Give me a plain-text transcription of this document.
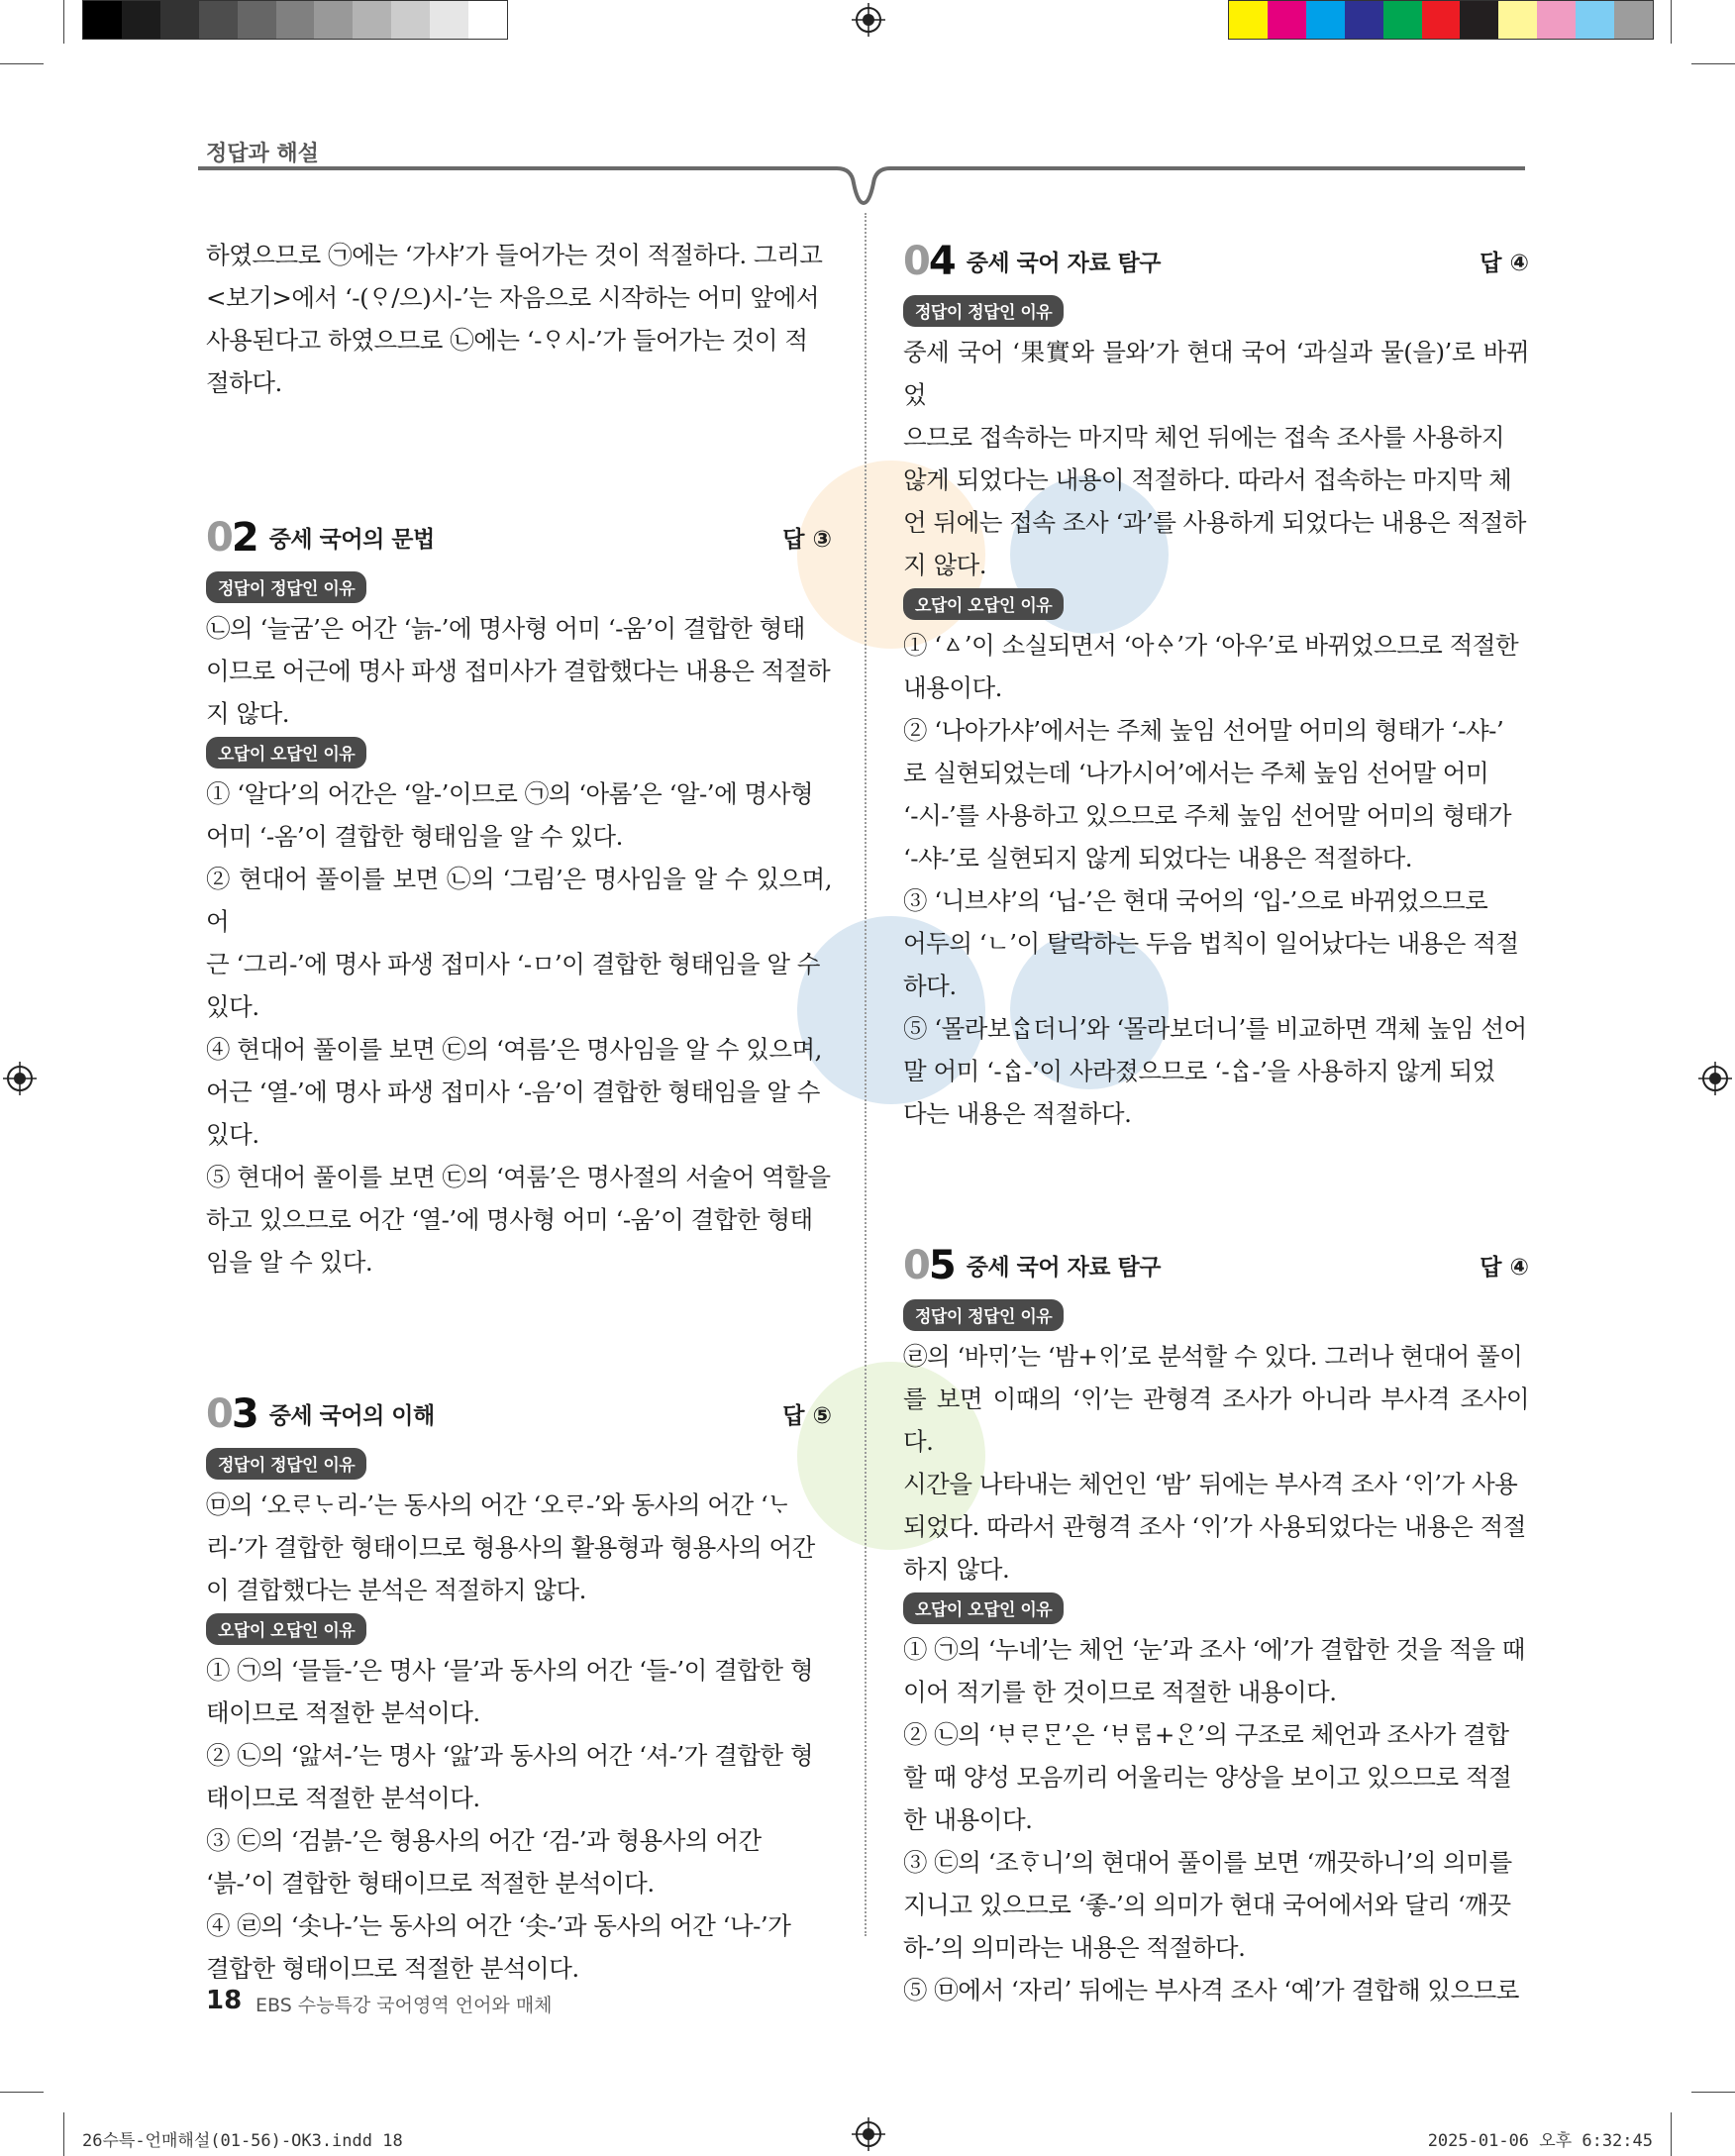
정답과 해설

하였으므로 ㉠에는 ‘가샤’가 들어가는 것이 적절하다. 그리고

<보기>에서 ‘-(ᄋᆞ/으)시-’는 자음으로 시작하는 어미 앞에서

사용된다고 하였으므로 ㉡에는 ‘-ᄋᆞ시-’가 들어가는 것이 적

절하다.

02 중세 국어의 문법	답 ③
정답이 정답인 이유

㉡의 ‘늘굼’은 어간 ‘늙-’에 명사형 어미 ‘-움’이 결합한 형태

이므로 어근에 명사 파생 접미사가 결합했다는 내용은 적절하

지 않다.

오답이 오답인 이유

① ‘알다’의 어간은 ‘알-’이므로 ㉠의 ‘아롬’은 ‘알-’에 명사형

어미 ‘-옴’이 결합한 형태임을 알 수 있다.

② 현대어 풀이를 보면 ㉡의 ‘그림’은 명사임을 알 수 있으며, 어

근 ‘그리-’에 명사 파생 접미사 ‘-ㅁ’이 결합한 형태임을 알 수

있다.

④ 현대어 풀이를 보면 ㉢의 ‘여름’은 명사임을 알 수 있으며,

어근 ‘열-’에 명사 파생 접미사 ‘-음’이 결합한 형태임을 알 수

있다.

⑤ 현대어 풀이를 보면 ㉢의 ‘여룸’은 명사절의 서술어 역할을

하고 있으므로 어간 ‘열-’에 명사형 어미 ‘-움’이 결합한 형태

임을 알 수 있다.

03 중세 국어의 이해	답 ⑤
정답이 정답인 이유

㉤의 ‘오ᄅᆞᄂᆞ리-’는 동사의 어간 ‘오ᄅᆞ-’와 동사의 어간 ‘ᄂᆞ

리-’가 결합한 형태이므로 형용사의 활용형과 형용사의 어간

이 결합했다는 분석은 적절하지 않다.

오답이 오답인 이유

① ㉠의 ‘믈들-’은 명사 ‘믈’과 동사의 어간 ‘들-’이 결합한 형

태이므로 적절한 분석이다.

② ㉡의 ‘앒셔-’는 명사 ‘앒’과 동사의 어간 ‘셔-’가 결합한 형

태이므로 적절한 분석이다.

③ ㉢의 ‘검븕-’은 형용사의 어간 ‘검-’과 형용사의 어간

‘븕-’이 결합한 형태이므로 적절한 분석이다.

④ ㉣의 ‘솟나-’는 동사의 어간 ‘솟-’과 동사의 어간 ‘나-’가

결합한 형태이므로 적절한 분석이다.

04 중세 국어 자료 탐구	답 ④
정답이 정답인 이유

중세 국어 ‘果實와 믈와’가 현대 국어 ‘과실과 물(을)’로 바뀌었

으므로 접속하는 마지막 체언 뒤에는 접속 조사를 사용하지

않게 되었다는 내용이 적절하다. 따라서 접속하는 마지막 체

언 뒤에는 접속 조사 ‘과’를 사용하게 되었다는 내용은 적절하

지 않다.

오답이 오답인 이유

① ‘ㅿ’이 소실되면서 ‘아ᅀᆞ’가 ‘아우’로 바뀌었으므로 적절한

내용이다.

② ‘나아가샤’에서는 주체 높임 선어말 어미의 형태가 ‘-샤-’

로 실현되었는데 ‘나가시어’에서는 주체 높임 선어말 어미

‘-시-’를 사용하고 있으므로 주체 높임 선어말 어미의 형태가

‘-샤-’로 실현되지 않게 되었다는 내용은 적절하다.

③ ‘니브샤’의 ‘닙-’은 현대 국어의 ‘입-’으로 바뀌었으므로

어두의 ‘ㄴ’이 탈락하는 두음 법칙이 일어났다는 내용은 적절

하다.

⑤ ‘몰라보ᅀᆞᆸ더니’와 ‘몰라보더니’를 비교하면 객체 높임 선어

말 어미 ‘-ᅀᆞᆸ-’이 사라졌으므로 ‘-ᅀᆞᆸ-’을 사용하지 않게 되었

다는 내용은 적절하다.

05 중세 국어 자료 탐구	답 ④
정답이 정답인 이유

㉣의 ‘바ᄆᆡ’는 ‘밤+ᄋᆡ’로 분석할 수 있다. 그러나 현대어 풀이

를 보면 이때의 ‘ᄋᆡ’는 관형격 조사가 아니라 부사격 조사이다.

시간을 나타내는 체언인 ‘밤’ 뒤에는 부사격 조사 ‘ᄋᆡ’가 사용

되었다. 따라서 관형격 조사 ‘ᄋᆡ’가 사용되었다는 내용은 적절

하지 않다.

오답이 오답인 이유

① ㉠의 ‘누네’는 체언 ‘눈’과 조사 ‘에’가 결합한 것을 적을 때

이어 적기를 한 것이므로 적절한 내용이다.

② ㉡의 ‘ᄇᆞᄅᆞᄆᆞᆫ’은 ‘ᄇᆞᄅᆞᆷ+ᄋᆞᆫ’의 구조로 체언과 조사가 결합

할 때 양성 모음끼리 어울리는 양상을 보이고 있으므로 적절

한 내용이다.

③ ㉢의 ‘조ᄒᆞ니’의 현대어 풀이를 보면 ‘깨끗하니’의 의미를

지니고 있으므로 ‘좋-’의 의미가 현대 국어에서와 달리 ‘깨끗

하-’의 의미라는 내용은 적절하다.

⑤ ㉤에서 ‘자리’ 뒤에는 부사격 조사 ‘예’가 결합해 있으므로

18 EBS 수능특강 국어영역 언어와 매체
26수특-언매해설(01-56)-OK3.indd 18	2025-01-06 오후 6:32:45
